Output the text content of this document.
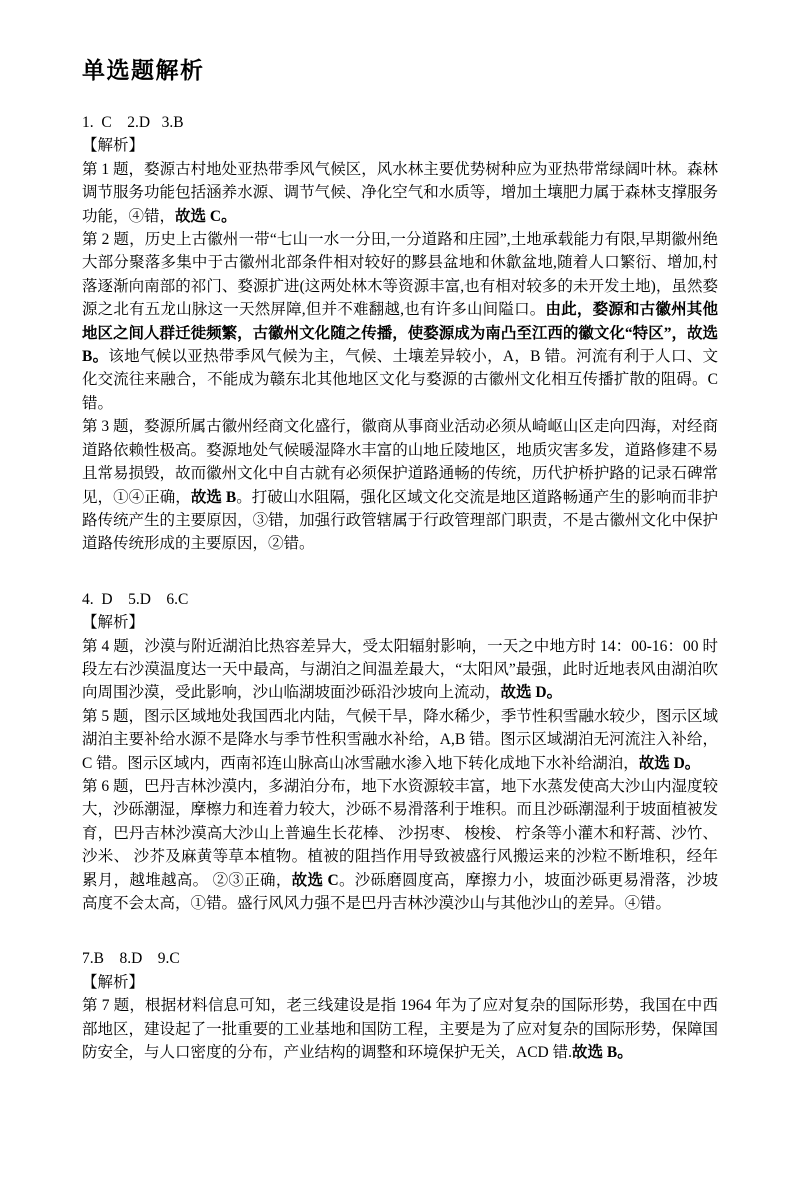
单选题解析
1.  C    2.D   3.B
【解析】

第 1 题，婺源古村地处亚热带季风气候区，风水林主要优势树种应为亚热带常绿阔叶林。森林调节服务功能包括涵养水源、调节气候、净化空气和水质等，增加土壤肥力属于森林支撑服务功能，④错，故选 C。

第 2 题，历史上古徽州一带“七山一水一分田,一分道路和庄园”,土地承载能力有限,早期徽州绝大部分聚落多集中于古徽州北部条件相对较好的黟县盆地和休歙盆地,随着人口繁衍、增加,村落逐渐向南部的祁门、婺源扩进(这两处林木等资源丰富,也有相对较多的未开发土地)，虽然婺源之北有五龙山脉这一天然屏障,但并不难翻越,也有许多山间隘口。由此，婺源和古徽州其他地区之间人群迁徙频繁，古徽州文化随之传播，使婺源成为南凸至江西的徽文化“特区”，故选 B。该地气候以亚热带季风气候为主，气候、土壤差异较小，A，B 错。河流有利于人口、文化交流往来融合，不能成为赣东北其他地区文化与婺源的古徽州文化相互传播扩散的阻碍。C 错。

第 3 题，婺源所属古徽州经商文化盛行，徽商从事商业活动必须从崎岖山区走向四海，对经商道路依赖性极高。婺源地处气候暖湿降水丰富的山地丘陵地区，地质灾害多发，道路修建不易且常易损毁，故而徽州文化中自古就有必须保护道路通畅的传统，历代护桥护路的记录石碑常见，①④正确，故选 B。打破山水阻隔，强化区域文化交流是地区道路畅通产生的影响而非护路传统产生的主要原因，③错，加强行政管辖属于行政管理部门职责，不是古徽州文化中保护道路传统形成的主要原因，②错。

4.  D    5.D    6.C
【解析】

第 4 题，沙漠与附近湖泊比热容差异大，受太阳辐射影响，一天之中地方时 14：00-16：00 时段左右沙漠温度达一天中最高，与湖泊之间温差最大，“太阳风”最强，此时近地表风由湖泊吹向周围沙漠，受此影响，沙山临湖坡面沙砾沿沙坡向上流动，故选 D。

第 5 题，图示区域地处我国西北内陆，气候干旱，降水稀少，季节性积雪融水较少，图示区域湖泊主要补给水源不是降水与季节性积雪融水补给，A,B 错。图示区域湖泊无河流注入补给，C 错。图示区域内，西南祁连山脉高山冰雪融水渗入地下转化成地下水补给湖泊，故选 D。

第 6 题，巴丹吉林沙漠内，多湖泊分布，地下水资源较丰富，地下水蒸发使高大沙山内湿度较大，沙砾潮湿，摩檫力和连着力较大，沙砾不易滑落利于堆积。而且沙砾潮湿利于坡面植被发育，巴丹吉林沙漠高大沙山上普遍生长花棒、 沙拐枣、 梭梭、 柠条等小灌木和籽蒿、沙竹、沙米、 沙芥及麻黄等草本植物。植被的阻挡作用导致被盛行风搬运来的沙粒不断堆积，经年累月，越堆越高。 ②③正确，故选 C。沙砾磨圆度高，摩擦力小，坡面沙砾更易滑落，沙坡高度不会太高，①错。盛行风风力强不是巴丹吉林沙漠沙山与其他沙山的差异。④错。

7.B    8.D    9.C
【解析】

第 7 题，根据材料信息可知，老三线建设是指 1964 年为了应对复杂的国际形势，我国在中西部地区，建设起了一批重要的工业基地和国防工程，主要是为了应对复杂的国际形势，保障国防安全，与人口密度的分布，产业结构的调整和环境保护无关，ACD 错.故选 B。
